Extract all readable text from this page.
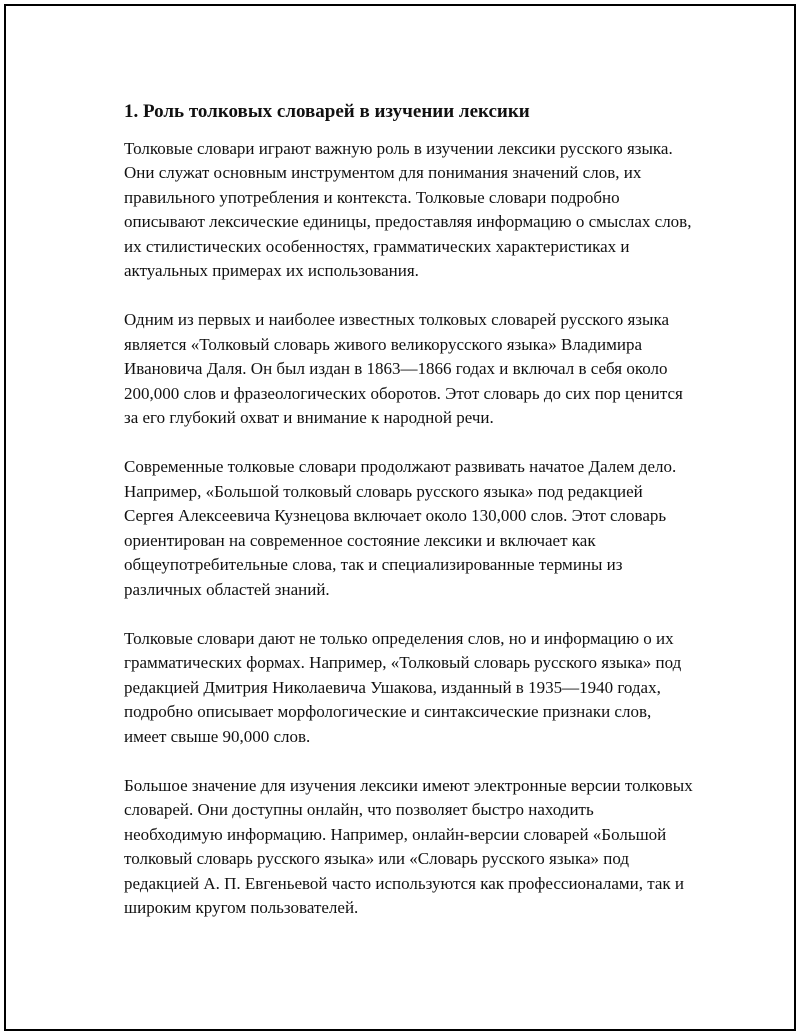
1. Роль толковых словарей в изучении лексики

Толковые словари играют важную роль в изучении лексики русского языка. Они служат основным инструментом для понимания значений слов, их правильного употребления и контекста. Толковые словари подробно описывают лексические единицы, предоставляя информацию о смыслах слов, их стилистических особенностях, грамматических характеристиках и актуальных примерах их использования.

Одним из первых и наиболее известных толковых словарей русского языка является «Толковый словарь живого великорусского языка» Владимира Ивановича Даля. Он был издан в 1863—1866 годах и включал в себя около 200,000 слов и фразеологических оборотов. Этот словарь до сих пор ценится за его глубокий охват и внимание к народной речи.

Современные толковые словари продолжают развивать начатое Далем дело. Например, «Большой толковый словарь русского языка» под редакцией Сергея Алексеевича Кузнецова включает около 130,000 слов. Этот словарь ориентирован на современное состояние лексики и включает как общеупотребительные слова, так и специализированные термины из различных областей знаний.

Толковые словари дают не только определения слов, но и информацию о их грамматических формах. Например, «Толковый словарь русского языка» под редакцией Дмитрия Николаевича Ушакова, изданный в 1935—1940 годах, подробно описывает морфологические и синтаксические признаки слов, имеет свыше 90,000 слов.

Большое значение для изучения лексики имеют электронные версии толковых словарей. Они доступны онлайн, что позволяет быстро находить необходимую информацию. Например, онлайн-версии словарей «Большой толковый словарь русского языка» или «Словарь русского языка» под редакцией А. П. Евгеньевой часто используются как профессионалами, так и широким кругом пользователей.
